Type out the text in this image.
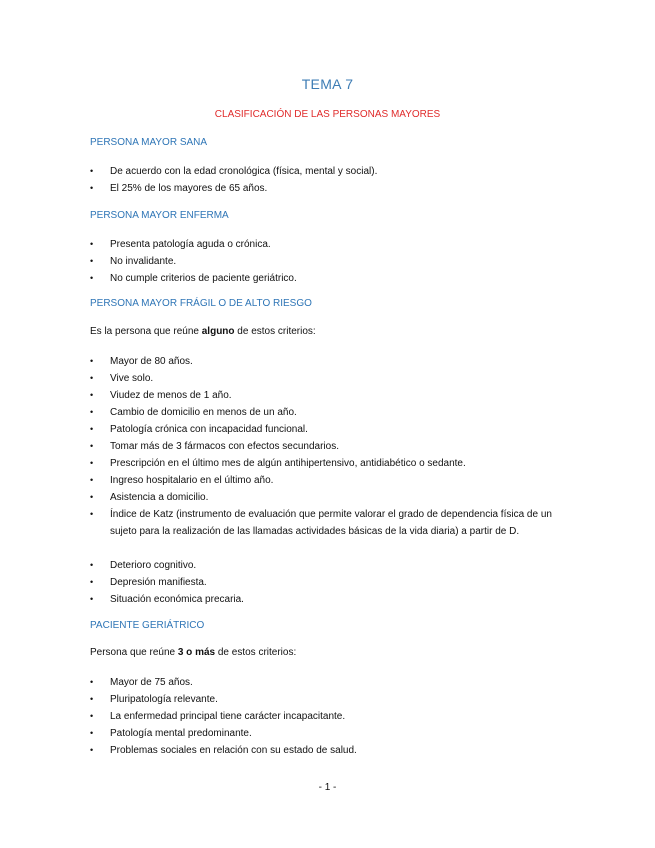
TEMA 7
CLASIFICACIÓN DE LAS PERSONAS MAYORES
PERSONA MAYOR SANA
• De acuerdo con la edad cronológica (física, mental y social).
• El 25% de los mayores de 65 años.
PERSONA MAYOR ENFERMA
• Presenta patología aguda o crónica.
• No invalidante.
• No cumple criterios de paciente geriátrico.
PERSONA MAYOR FRÁGIL O DE ALTO RIESGO
Es la persona que reúne alguno de estos criterios:
• Mayor de 80 años.
• Vive solo.
• Viudez de menos de 1 año.
• Cambio de domicilio en menos de un año.
• Patología crónica con incapacidad funcional.
• Tomar más de 3 fármacos con efectos secundarios.
• Prescripción en el último mes de algún antihipertensivo, antidiabético o sedante.
• Ingreso hospitalario en el último año.
• Asistencia a domicilio.
• Índice de Katz (instrumento de evaluación que permite valorar el grado de dependencia física de un sujeto para la realización de las llamadas actividades básicas de la vida diaria) a partir de D.
• Deterioro cognitivo.
• Depresión manifiesta.
• Situación económica precaria.
PACIENTE GERIÁTRICO
Persona que reúne 3 o más de estos criterios:
• Mayor de 75 años.
• Pluripatología relevante.
• La enfermedad principal tiene carácter incapacitante.
• Patología mental predominante.
• Problemas sociales en relación con su estado de salud.
- 1 -
